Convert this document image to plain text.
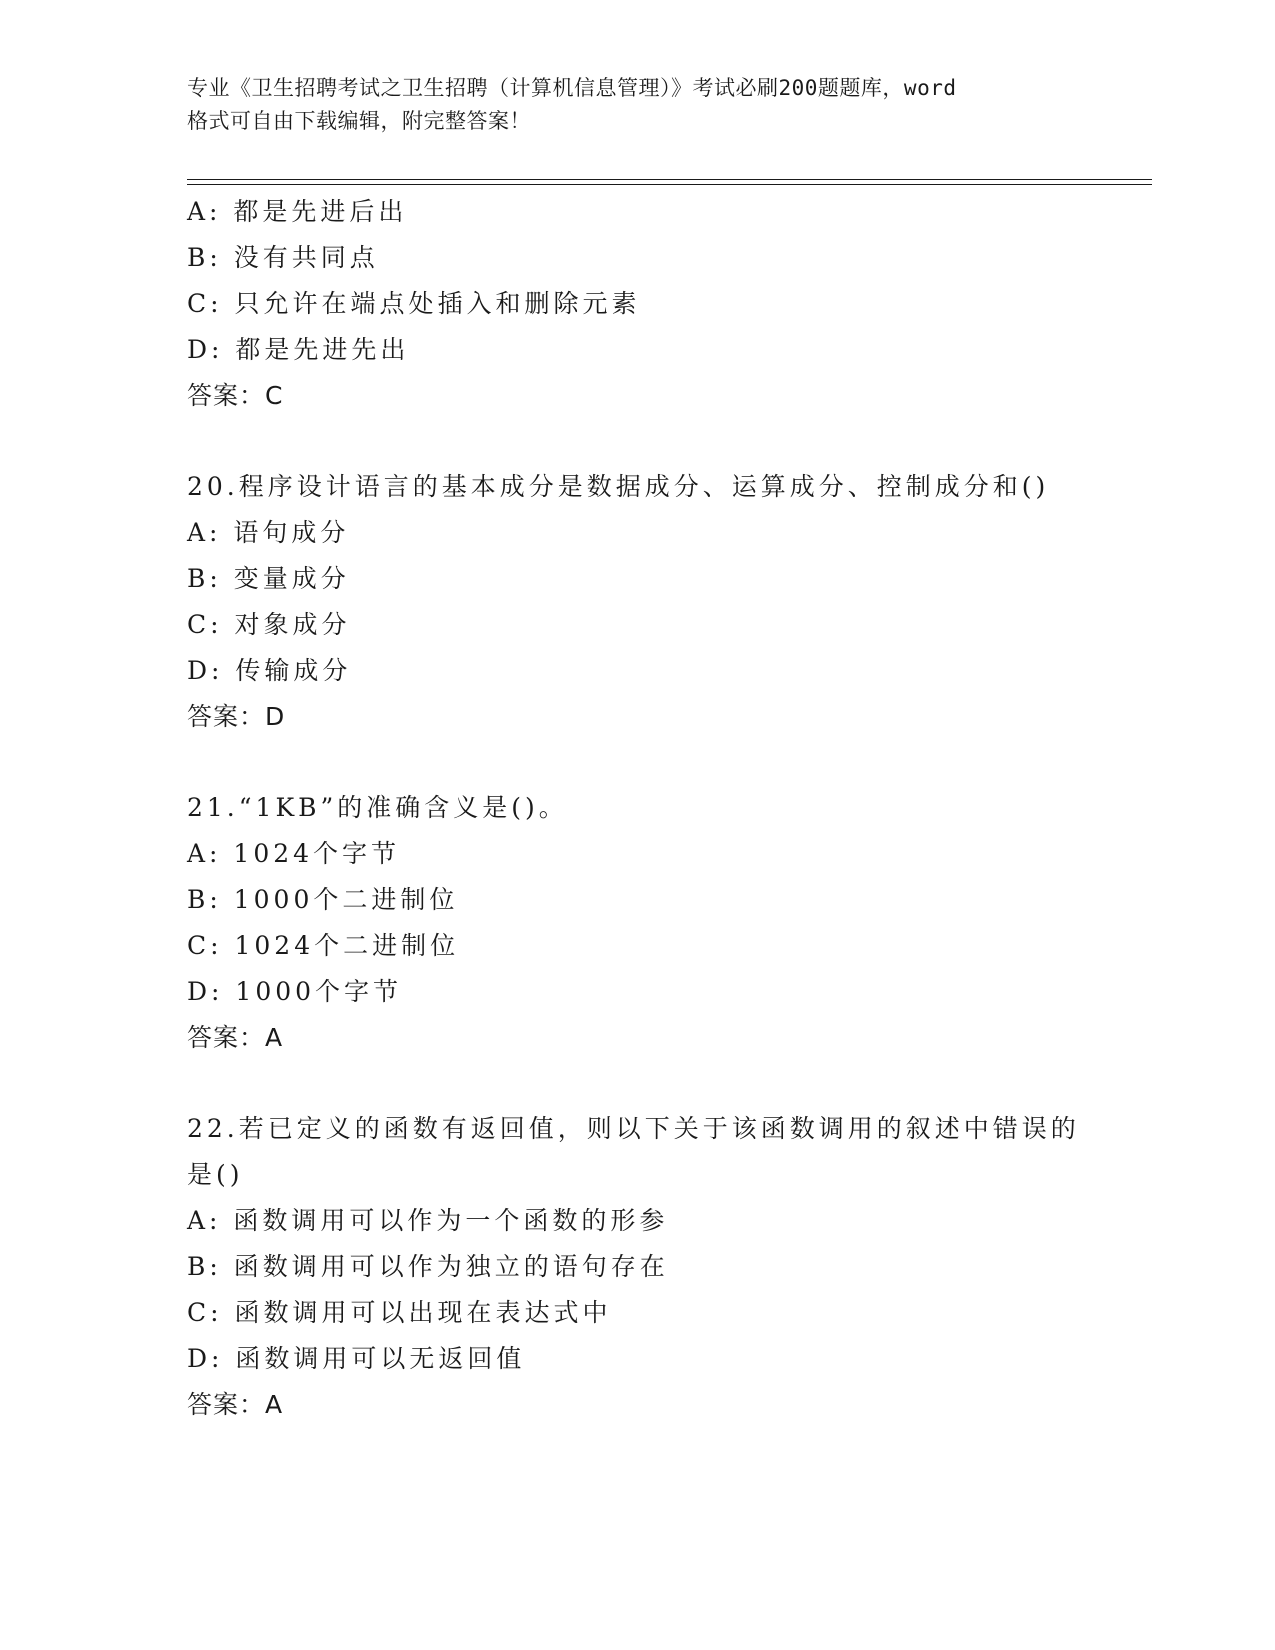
专业《卫生招聘考试之卫生招聘（计算机信息管理）》考试必刷200题题库，word
格式可自由下载编辑，附完整答案！
A: 都是先进后出
B: 没有共同点
C: 只允许在端点处插入和删除元素
D: 都是先进先出
答案：C
20.程序设计语言的基本成分是数据成分、运算成分、控制成分和()
A: 语句成分
B: 变量成分
C: 对象成分
D: 传输成分
答案：D
21.“1KB”的准确含义是()。
A: 1024个字节
B: 1000个二进制位
C: 1024个二进制位
D: 1000个字节
答案：A
22.若已定义的函数有返回值，则以下关于该函数调用的叙述中错误的
是()
A: 函数调用可以作为一个函数的形参
B: 函数调用可以作为独立的语句存在
C: 函数调用可以出现在表达式中
D: 函数调用可以无返回值
答案：A
